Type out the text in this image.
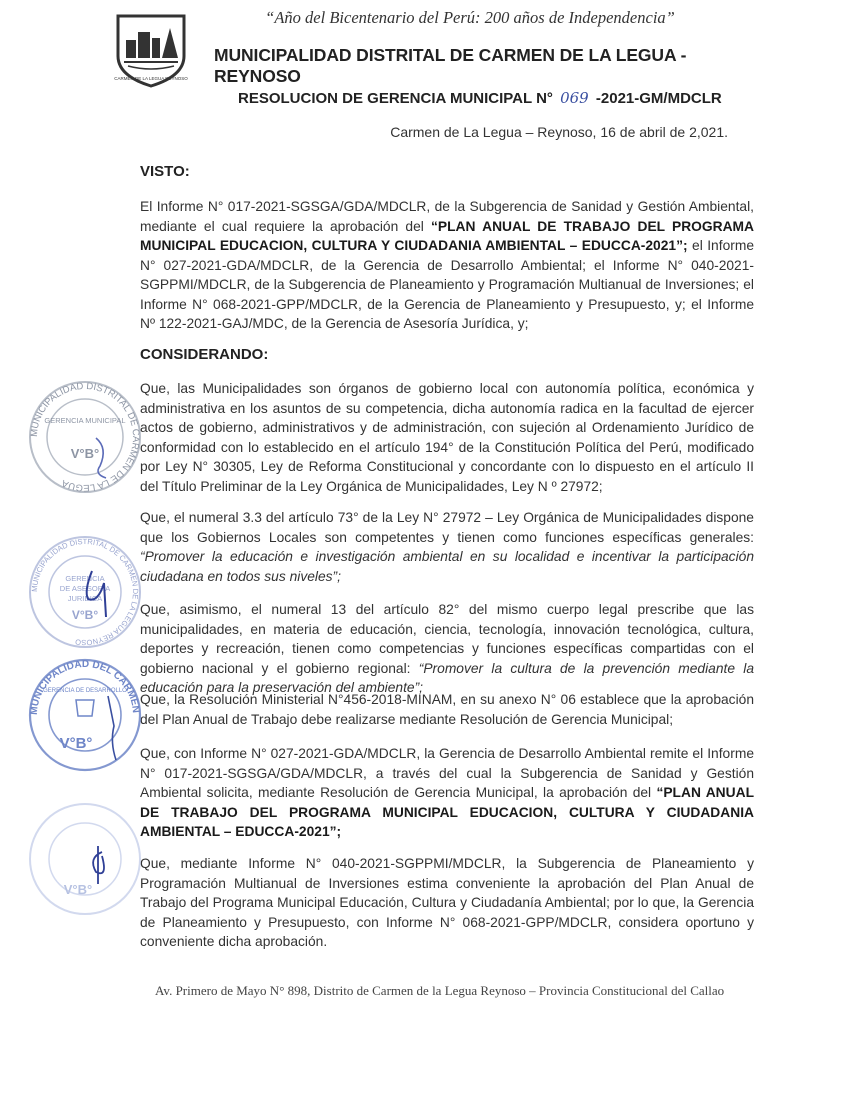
“Año del Bicentenario del Perú: 200 años de Independencia”
CARMEN DE LA LEGUA REYNOSO
MUNICIPALIDAD DISTRITAL DE CARMEN DE LA LEGUA - REYNOSO
RESOLUCION DE GERENCIA MUNICIPAL N° 069 -2021-GM/MDCLR
Carmen de La Legua – Reynoso, 16 de abril de 2,021.
VISTO:
El Informe N° 017-2021-SGSGA/GDA/MDCLR, de la Subgerencia de Sanidad y Gestión Ambiental, mediante el cual requiere la aprobación del “PLAN ANUAL DE TRABAJO DEL PROGRAMA MUNICIPAL EDUCACION, CULTURA Y CIUDADANIA AMBIENTAL – EDUCCA-2021”; el Informe N° 027-2021-GDA/MDCLR, de la Gerencia de Desarrollo Ambiental; el Informe N° 040-2021-SGPPMI/MDCLR, de la Subgerencia de Planeamiento y Programación Multianual de Inversiones; el Informe N° 068-2021-GPP/MDCLR, de la Gerencia de Planeamiento y Presupuesto, y; el Informe Nº 122-2021-GAJ/MDC, de la Gerencia de Asesoría Jurídica, y;
CONSIDERANDO:
Que, las Municipalidades son órganos de gobierno local con autonomía política, económica y administrativa en los asuntos de su competencia, dicha autonomía radica en la facultad de ejercer actos de gobierno, administrativos y de administración, con sujeción al Ordenamiento Jurídico de conformidad con lo establecido en el artículo 194° de la Constitución Política del Perú, modificado por Ley N° 30305, Ley de Reforma Constitucional y concordante con lo dispuesto en el artículo II del Título Preliminar de la Ley Orgánica de Municipalidades, Ley N º 27972;
Que, el numeral 3.3 del artículo 73° de la Ley N° 27972 – Ley Orgánica de Municipalidades dispone que los Gobiernos Locales son competentes y tienen como funciones específicas generales: “Promover la educación e investigación ambiental en su localidad e incentivar la participación ciudadana en todos sus niveles”;
Que, asimismo, el numeral 13 del artículo 82° del mismo cuerpo legal prescribe que las municipalidades, en materia de educación, ciencia, tecnología, innovación tecnológica, cultura, deportes y recreación, tienen como competencias y funciones específicas compartidas con el gobierno nacional y el gobierno regional: “Promover la cultura de la prevención mediante la educación para la preservación del ambiente”;
Que, la Resolución Ministerial N°456-2018-MINAM, en su anexo N° 06 establece que la aprobación del Plan Anual de Trabajo debe realizarse mediante Resolución de Gerencia Municipal;
Que, con Informe N° 027-2021-GDA/MDCLR, la Gerencia de Desarrollo Ambiental remite el Informe N° 017-2021-SGSGA/GDA/MDCLR, a través del cual la Subgerencia de Sanidad y Gestión Ambiental solicita, mediante Resolución de Gerencia Municipal, la aprobación del “PLAN ANUAL DE TRABAJO DEL PROGRAMA MUNICIPAL EDUCACION, CULTURA Y CIUDADANIA AMBIENTAL – EDUCCA-2021”;
Que, mediante Informe N° 040-2021-SGPPMI/MDCLR, la Subgerencia de Planeamiento y Programación Multianual de Inversiones estima conveniente la aprobación del Plan Anual de Trabajo del Programa Municipal Educación, Cultura y Ciudadanía Ambiental; por lo que, la Gerencia de Planeamiento y Presupuesto, con Informe N° 068-2021-GPP/MDCLR, considera oportuno y conveniente dicha aprobación.
MUNICIPALIDAD DISTRITAL DE CARMEN DE LA LEGUA
GERENCIA MUNICIPAL
V°B°
MUNICIPALIDAD DISTRITAL DE CARMEN DE LA LEGUA REYNOSO
GERENCIA
DE ASESORIA
JURIDICA
V°B°
MUNICIPALIDAD DEL CARMEN
GERENCIA DE DESARROLLO
V°B°
V°B°
Av. Primero de Mayo N° 898, Distrito de Carmen de la Legua Reynoso – Provincia Constitucional del Callao
